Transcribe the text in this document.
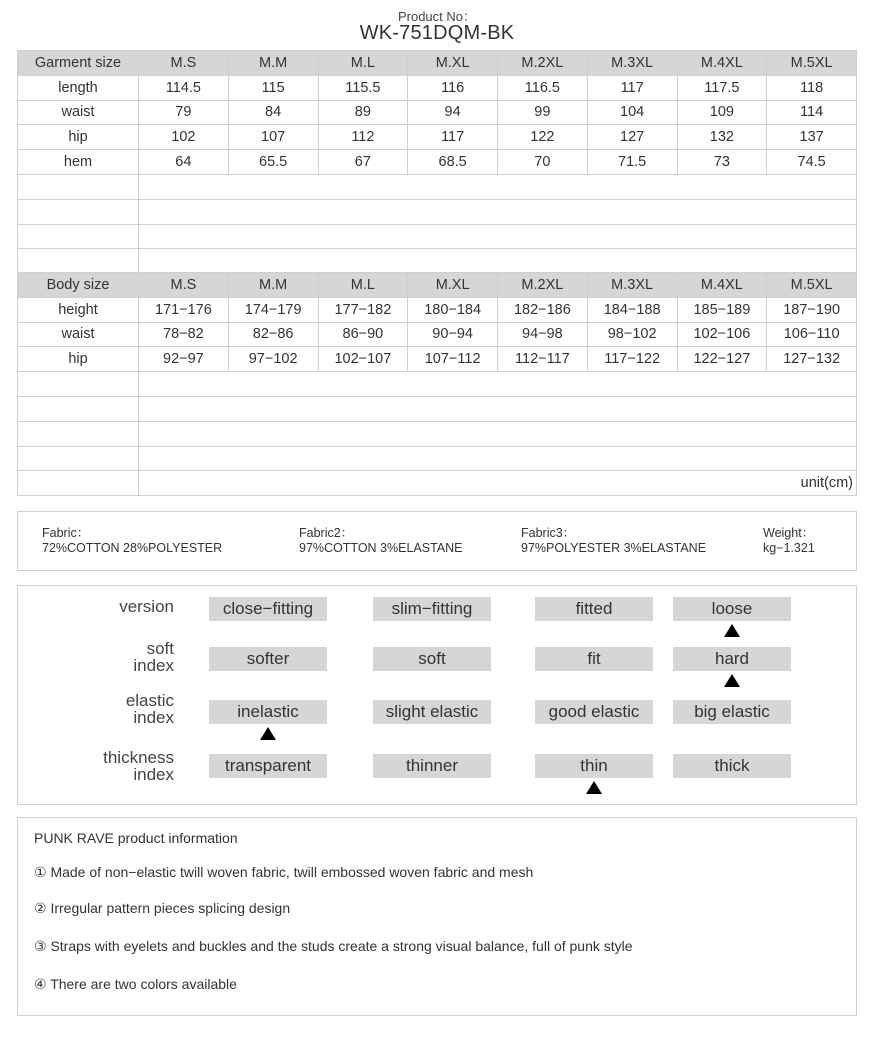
Product No：
WK-751DQM-BK
Garment size	M.S	M.M	M.L	M.XL	M.2XL	M.3XL	M.4XL	M.5XL
length	114.5	115	115.5	116	116.5	117	117.5	118
waist	79	84	89	94	99	104	109	114
hip	102	107	112	117	122	127	132	137
hem	64	65.5	67	68.5	70	71.5	73	74.5

Body size	M.S	M.M	M.L	M.XL	M.2XL	M.3XL	M.4XL	M.5XL
height	171−176	174−179	177−182	180−184	182−186	184−188	185−189	187−190
waist	78−82	82−86	86−90	90−94	94−98	98−102	102−106	106−110
hip	92−97	97−102	102−107	107−112	112−117	117−122	122−127	127−132

	unit(cm)							
Fabric：
72%COTTON 28%POLYESTER
Fabric2：
97%COTTON 3%ELASTANE
Fabric3：
97%POLYESTER 3%ELASTANE
Weight：
kg−1.321
version	close−fitting	slim−fitting	fitted	loose
soft
index	softer	soft	fit	hard
elastic
index	inelastic	slight elastic	good elastic	big elastic
thickness
index	transparent	thinner	thin	thick
PUNK RAVE product information
① Made of non−elastic twill woven fabric, twill embossed woven fabric and mesh
② Irregular pattern pieces splicing design
③ Straps with eyelets and buckles and the studs create a strong visual balance, full of punk style
④ There are two colors available
